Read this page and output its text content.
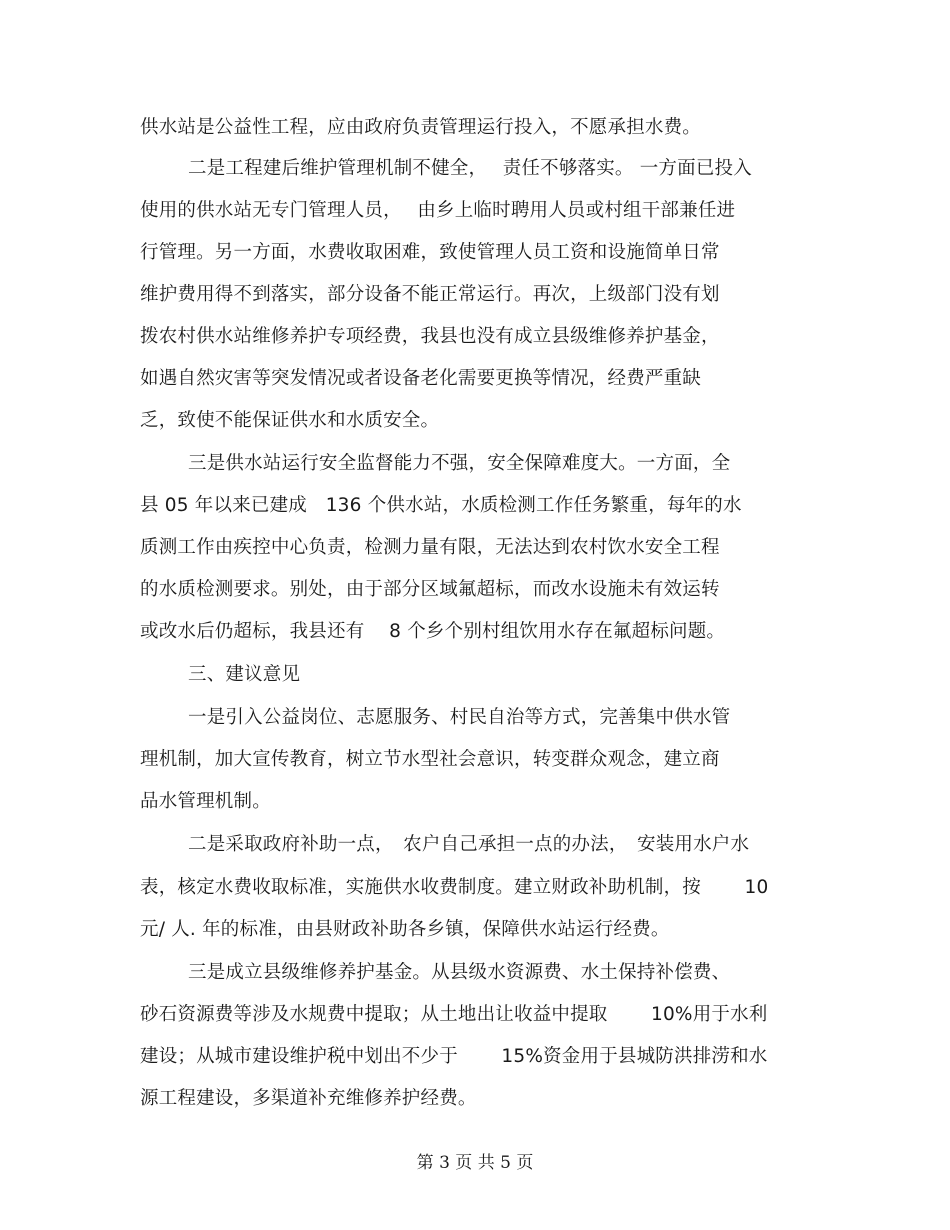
供水站是公益性工程，应由政府负责管理运行投入，不愿承担水费。
二是工程建后维护管理机制不健全，　 责任不够落实。 一方面已投入
使用的供水站无专门管理人员，　 由乡上临时聘用人员或村组干部兼任进
行管理。另一方面，水费收取困难，致使管理人员工资和设施简单日常
维护费用得不到落实，部分设备不能正常运行。再次，上级部门没有划
拨农村供水站维修养护专项经费，我县也没有成立县级维修养护基金，
如遇自然灾害等突发情况或者设备老化需要更换等情况，经费严重缺
乏，致使不能保证供水和水质安全。
三是供水站运行安全监督能力不强，安全保障难度大。一方面，全
县 05 年以来已建成　136 个供水站，水质检测工作任务繁重，每年的水
质测工作由疾控中心负责，检测力量有限，无法达到农村饮水安全工程
的水质检测要求。别处，由于部分区域氟超标，而改水设施未有效运转
或改水后仍超标，我县还有　 8 个乡个别村组饮用水存在氟超标问题。
三、建议意见
一是引入公益岗位、志愿服务、村民自治等方式，完善集中供水管
理机制，加大宣传教育，树立节水型社会意识，转变群众观念，建立商
品水管理机制。
二是采取政府补助一点，　农户自己承担一点的办法，　安装用水户水
表，核定水费收取标准，实施供水收费制度。建立财政补助机制，按　　 10
元/ 人. 年的标准，由县财政补助各乡镇，保障供水站运行经费。
三是成立县级维修养护基金。从县级水资源费、水土保持补偿费、
砂石资源费等涉及水规费中提取；从土地出让收益中提取　　 10%用于水利
建设；从城市建设维护税中划出不少于　　 15%资金用于县城防洪排涝和水
源工程建设，多渠道补充维修养护经费。
第 3 页 共 5 页
